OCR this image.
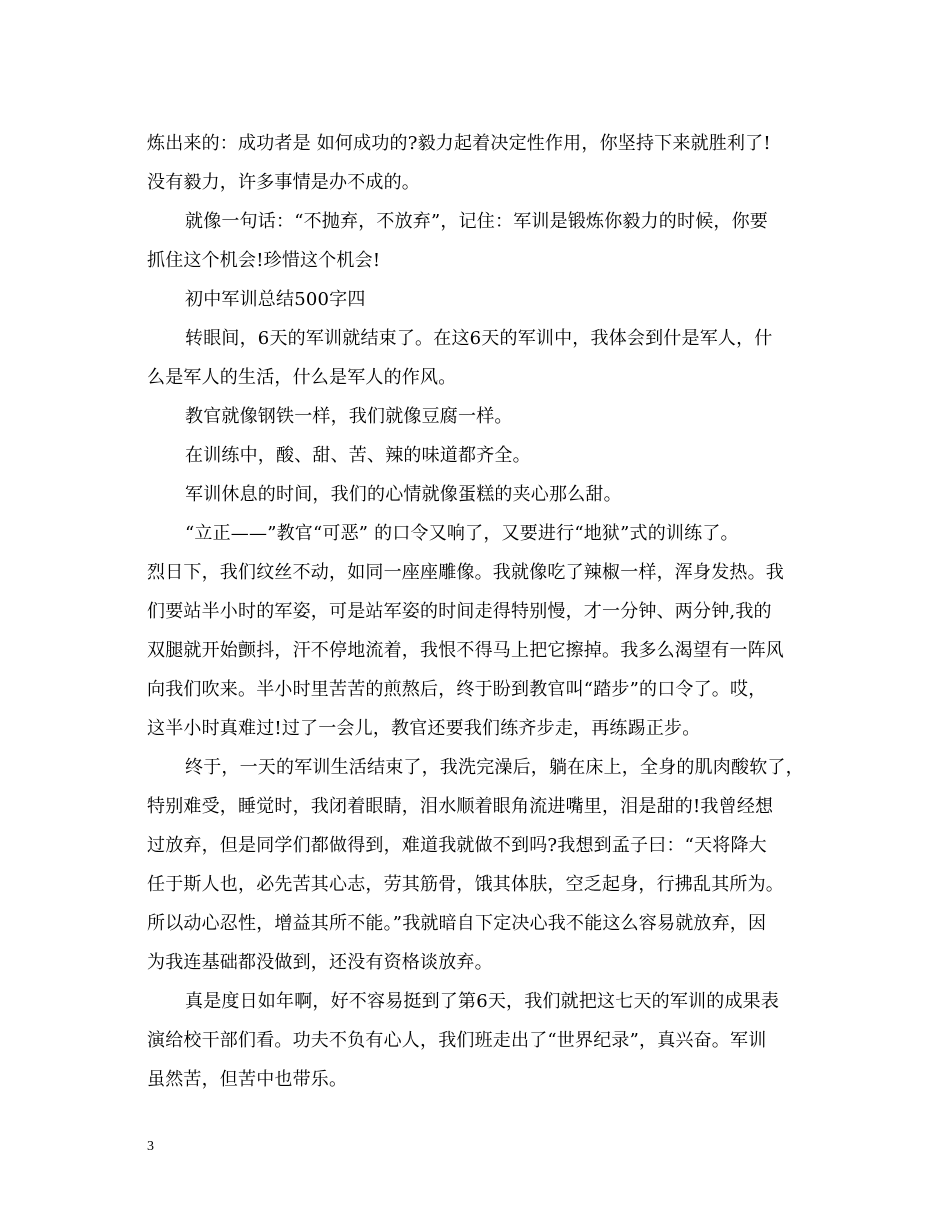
炼出来的：成功者是 如何成功的?毅力起着决定性作用，你坚持下来就胜利了!
没有毅力，许多事情是办不成的。
就像一句话：“不抛弃，不放弃”，记住：军训是锻炼你毅力的时候，你要
抓住这个机会!珍惜这个机会!
初中军训总结500字四
转眼间，6天的军训就结束了。在这6天的军训中，我体会到什是军人，什
么是军人的生活，什么是军人的作风。
教官就像钢铁一样，我们就像豆腐一样。
在训练中，酸、甜、苦、辣的味道都齐全。
军训休息的时间，我们的心情就像蛋糕的夹心那么甜。
“立正——”教官“可恶” 的口令又响了，又要进行“地狱”式的训练了。
烈日下，我们纹丝不动，如同一座座雕像。我就像吃了辣椒一样，浑身发热。我
们要站半小时的军姿，可是站军姿的时间走得特别慢，才一分钟、两分钟,我的
双腿就开始颤抖，汗不停地流着，我恨不得马上把它擦掉。我多么渴望有一阵风
向我们吹来。半小时里苦苦的煎熬后，终于盼到教官叫“踏步”的口令了。哎，
这半小时真难过!过了一会儿，教官还要我们练齐步走，再练踢正步。
终于，一天的军训生活结束了，我洗完澡后，躺在床上，全身的肌肉酸软了，
特别难受，睡觉时，我闭着眼睛，泪水顺着眼角流进嘴里，泪是甜的!我曾经想
过放弃，但是同学们都做得到，难道我就做不到吗?我想到孟子曰：“天将降大
任于斯人也，必先苦其心志，劳其筋骨，饿其体肤，空乏起身，行拂乱其所为。
所以动心忍性，增益其所不能。”我就暗自下定决心我不能这么容易就放弃，因
为我连基础都没做到，还没有资格谈放弃。
真是度日如年啊，好不容易挺到了第6天，我们就把这七天的军训的成果表
演给校干部们看。功夫不负有心人，我们班走出了“世界纪录”，真兴奋。军训
虽然苦，但苦中也带乐。
3
